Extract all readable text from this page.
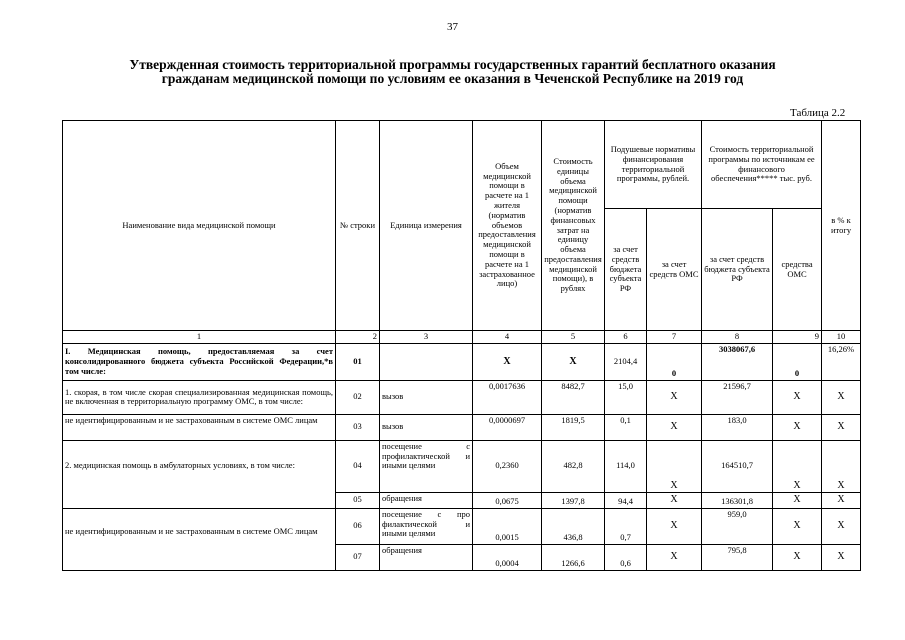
37
Утвержденная стоимость территориальной программы государственных гарантий бесплатного оказания
гражданам медицинской помощи по условиям ее оказания в Чеченской Республике на 2019 год
Таблица 2.2
Наименование вида медицинской помощи	№ строки	Единица измерения	Объем медицинской помощи в расчете на 1 жителя (норматив объемов предоставления медицинской помощи в расчете на 1 застрахованное лицо)	Стоимость единицы объема медицинской помощи (норматив финансовых затрат на единицу объема предоставления медицинской помощи), в рублях	Подушевые нормативы финансирования территориальной программы, рублей.		Стоимость территориальной программы по источникам ее финансового обеспечения***** тыс. руб.		в % к итогу
					за счет средств бюджета субъекта РФ	за счет средств ОМС	за счет средств бюджета субъекта РФ	средства ОМС	
1	2	3	4	5	6	7	8	9	10
I. Медицинская помощь, предоставляемая за счет консолидированного бюджета субъекта Российской Федерации,*в том числе:	01		X	X	2104,4	0	3038067,6	0	16,26%
1. скорая, в том числе скорая специализированная медицинская помощь, не включенная в территориальную программу ОМС, в том числе:	02	вызов	0,0017636	8482,7	15,0	X	21596,7	X	X
не идентифицированным и не застрахованным в системе ОМС лицам	03	вызов	0,0000697	1819,5	0,1	X	183,0	X	X
2. медицинская помощь в амбулаторных условиях, в том числе:	04	посещение с профилактической и иными целями	0,2360	482,8	114,0	X	164510,7	X	X
	05	обращения	0,0675	1397,8	94,4	X	136301,8	X	X
не идентифицированным и не застрахованным в системе ОМС лицам	06	посещение с про филактической и иными целями	0,0015	436,8	0,7	X	959,0	X	X
	07	обращения	0,0004	1266,6	0,6	X	795,8	X	X
